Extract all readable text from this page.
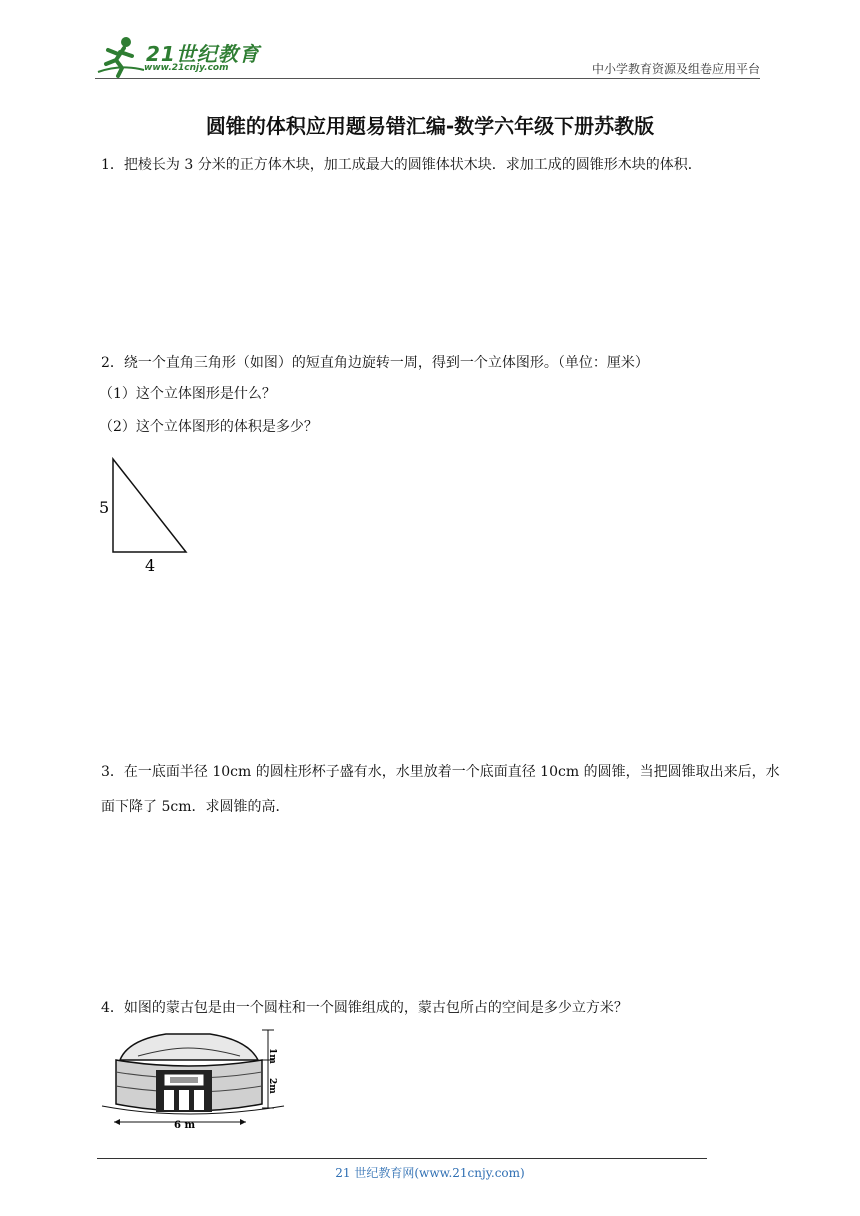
21世纪教育
www.21cnjy.com	中小学教育资源及组卷应用平台
圆锥的体积应用题易错汇编-数学六年级下册苏教版
1．把棱长为 3 分米的正方体木块，加工成最大的圆锥体状木块．求加工成的圆锥形木块的体积．
2．绕一个直角三角形（如图）的短直角边旋转一周，得到一个立体图形。（单位：厘米）
（1）这个立体图形是什么？
（2）这个立体图形的体积是多少？
5
4
3．在一底面半径 10cm 的圆柱形杯子盛有水，水里放着一个底面直径 10cm 的圆锥，当把圆锥取出来后，水面下降了 5cm．求圆锥的高．
4．如图的蒙古包是由一个圆柱和一个圆锥组成的，蒙古包所占的空间是多少立方米？
1m
2m
6 m
21 世纪教育网(www.21cnjy.com)
